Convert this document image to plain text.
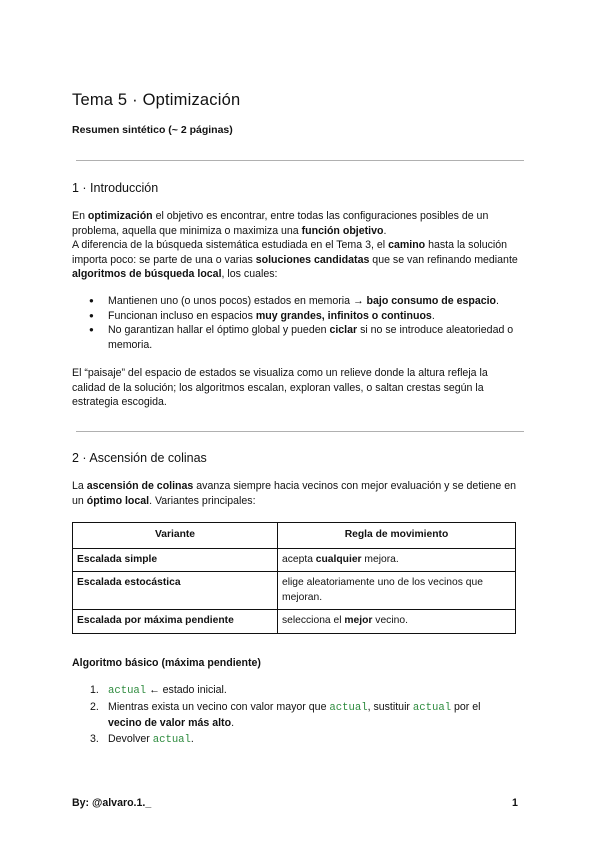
Tema 5 · Optimización
Resumen sintético (~ 2 páginas)
1 · Introducción

En optimización el objetivo es encontrar, entre todas las configuraciones posibles de un problema, aquella que minimiza o maximiza una función objetivo.

A diferencia de la búsqueda sistemática estudiada en el Tema 3, el camino hasta la solución importa poco: se parte de una o varias soluciones candidatas que se van refinando mediante algoritmos de búsqueda local, los cuales:

● Mantienen uno (o unos pocos) estados en memoria → bajo consumo de espacio.
● Funcionan incluso en espacios muy grandes, infinitos o continuos.
● No garantizan hallar el óptimo global y pueden ciclar si no se introduce aleatoriedad o memoria.

El “paisaje” del espacio de estados se visualiza como un relieve donde la altura refleja la calidad de la solución; los algoritmos escalan, exploran valles, o saltan crestas según la estrategia escogida.

2 · Ascensión de colinas

La ascensión de colinas avanza siempre hacia vecinos con mejor evaluación y se detiene en un óptimo local. Variantes principales:

Variante	Regla de movimiento
Escalada simple	acepta cualquier mejora.
Escalada estocástica	elige aleatoriamente uno de los vecinos que mejoran.
Escalada por máxima pendiente	selecciona el mejor vecino.
Algoritmo básico (máxima pendiente)
1. actual ← estado inicial.
2. Mientras exista un vecino con valor mayor que actual, sustituir actual por el vecino de valor más alto.
3. Devolver actual.
By: @alvaro.1._	1
